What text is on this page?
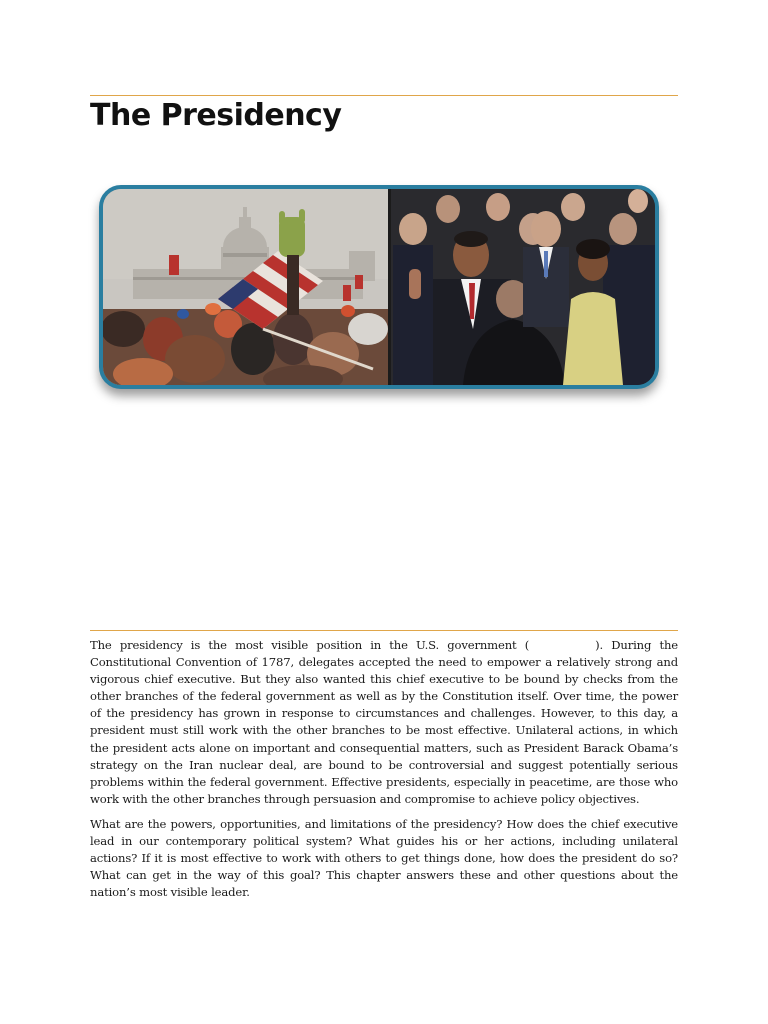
The Presidency

The presidency is the most visible position in the U.S. government (	). During the Constitutional Convention of 1787, delegates accepted the need to empower a relatively strong and vigorous chief executive. But they also wanted this chief executive to be bound by checks from the other branches of the federal government as well as by the Constitution itself. Over time, the power of the presidency has grown in response to circumstances and challenges. However, to this day, a president must still work with the other branches to be most effective. Unilateral actions, in which the president acts alone on important and consequential matters, such as President Barack Obama’s strategy on the Iran nuclear deal, are bound to be controversial and suggest potentially serious problems within the federal government. Effective presidents, especially in peacetime, are those who work with the other branches through persuasion and compromise to achieve policy objectives.

What are the powers, opportunities, and limitations of the presidency? How does the chief executive lead in our contemporary political system? What guides his or her actions, including unilateral actions? If it is most effective to work with others to get things done, how does the president do so? What can get in the way of this goal? This chapter answers these and other questions about the nation’s most visible leader.
